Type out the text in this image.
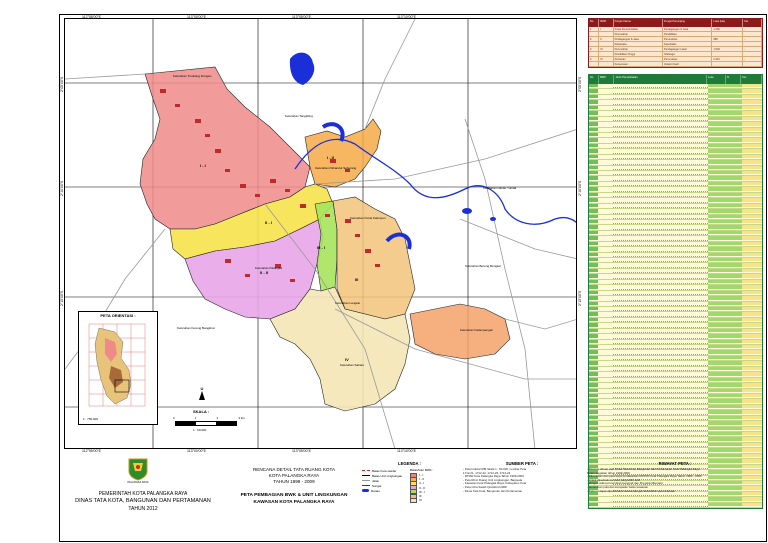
Kelurahan Tumbang Rungan
Kelurahan Tangkiling
Kelurahan Pahandut Seberang
Kelurahan Bereng Bengkel
Kelurahan Kereng Bangkirai
Kelurahan Sabaru
Kelurahan Kalampangan
Kelurahan Danau Tundai
Kelurahan Petuk Katimpun
Kelurahan Langkai
Kelurahan Palangka
I - I
I - II
II - I
II - II
III - I
III
IV
PETA ORIENTASI :
1 : 750.000
U
SKALA :
0	1	2	3 Km
1 : 60.000
112°55'00"E	113°00'00"E	113°05'00"E	113°10'00"E
112°55'00"E	113°00'00"E	113°05'00"E	113°10'00"E
2°05'00"S
2°10'00"S
2°15'00"S
2°05'00"S
2°10'00"S
2°15'00"S
No	BWK	Fungsi Utama	Fungsi Penunjang	Luas (Ha)	Ket
1	I	Pusat Pemerintahan	Perdagangan & Jasa	1.250	-
Perumahan	Pendidikan
2	II	Perdagangan & Jasa	Perumahan	980	-
Pariwisata	Kesehatan
3	III	Perumahan	Perdagangan Lokal	1.540	-
Pendidikan Tinggi	Olahraga
4	IV	Pertanian	Perumahan	2.310	-
Konservasi	Industri Kecil
No	BWK	Jenis Pemanfaatan	Luas	%	Ket
PALANGKA RAYA
PEMERINTAH KOTA PALANGKA RAYA
DINAS TATA KOTA, BANGUNAN DAN PERTAMANAN
TAHUN 2012
RENCANA DETAIL TATA RUANG KOTA
KOTA PALANGKA RAYA
TAHUN 1999 - 2009
PETA PEMBAGIAN BWK & UNIT LINGKUNGAN
KAWASAN KOTA PALANGKA RAYA
LEGENDA :
Batas Kota sekitar
Batas Unit Lingkungan
Jalan
Sungai
Danau
Batas/Gkn BWK :
I - I
I - II
II - I
II - II
III - I
III
IV
SUMBER PETA :
- Peta Induksi RBI Skala 1 : 50.000, Lembar Peta
1712-21, 1712-22, 1712-23, 1712-24
- RTRW Kota Palangka Raya Tahun 1999-2009
- Peta Rinci Ruang Unit Lingkungan, Bappeda
- Kawasan Kota Palangka Raya, Kabupaten Kota
- Peta Citra Satelit Quickbird 2008
- Dinas Tata Kota, Bangunan dan Pertamanan
RIWAYAT PETA :
- Disusun dibuat oleh Dinas Tata Kota, Bangunan dan Pertamanan Kota Palangka Raya
Dalam kegiatan tahun 1999-2009
- Diturunkan dari peta kerja berdasarkan RDTRK Kota Palangka Raya Tahun 1999 - 2009
- Untuk diperbaiki ke peta yang lebih detil
- dengan adanya koordinat Geografi dan Proyeksi Mercator
- penentuan pola dan kerapatan batas kawasan
- Peta ini dapat diperbaharui sesuai dengan kebutuhan perencanaan
